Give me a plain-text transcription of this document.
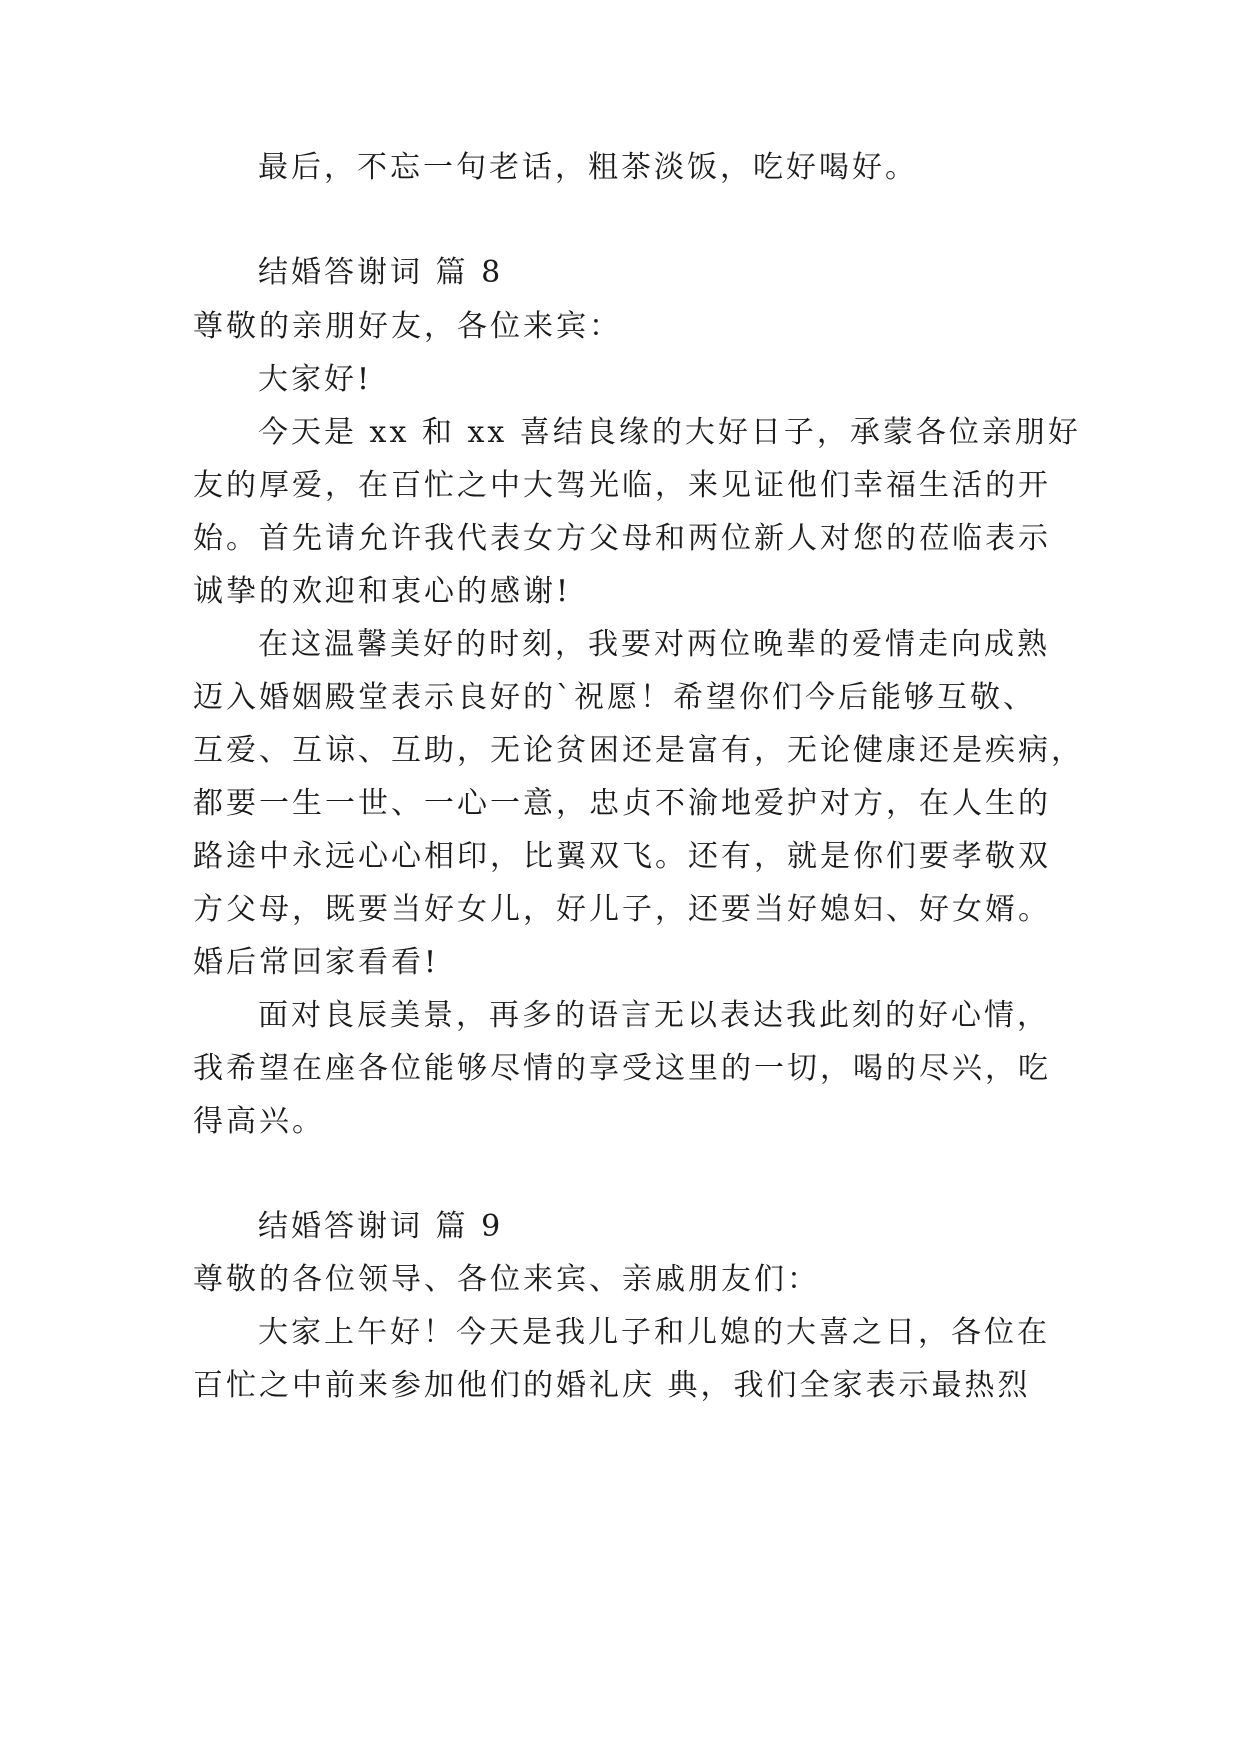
最后，不忘一句老话，粗茶淡饭，吃好喝好。
结婚答谢词 篇 8
尊敬的亲朋好友，各位来宾：
大家好!
今天是 xx 和 xx 喜结良缘的大好日子，承蒙各位亲朋好
友的厚爱，在百忙之中大驾光临，来见证他们幸福生活的开
始。首先请允许我代表女方父母和两位新人对您的莅临表示
诚挚的欢迎和衷心的感谢!
在这温馨美好的时刻，我要对两位晚辈的爱情走向成熟
迈入婚姻殿堂表示良好的`祝愿！希望你们今后能够互敬、
互爱、互谅、互助，无论贫困还是富有，无论健康还是疾病，
都要一生一世、一心一意，忠贞不渝地爱护对方，在人生的
路途中永远心心相印，比翼双飞。还有，就是你们要孝敬双
方父母，既要当好女儿，好儿子，还要当好媳妇、好女婿。
婚后常回家看看!
面对良辰美景，再多的语言无以表达我此刻的好心情，
我希望在座各位能够尽情的享受这里的一切，喝的尽兴，吃
得高兴。
结婚答谢词 篇 9
尊敬的各位领导、各位来宾、亲戚朋友们：
大家上午好！今天是我儿子和儿媳的大喜之日，各位在
百忙之中前来参加他们的婚礼庆 典，我们全家表示最热烈
